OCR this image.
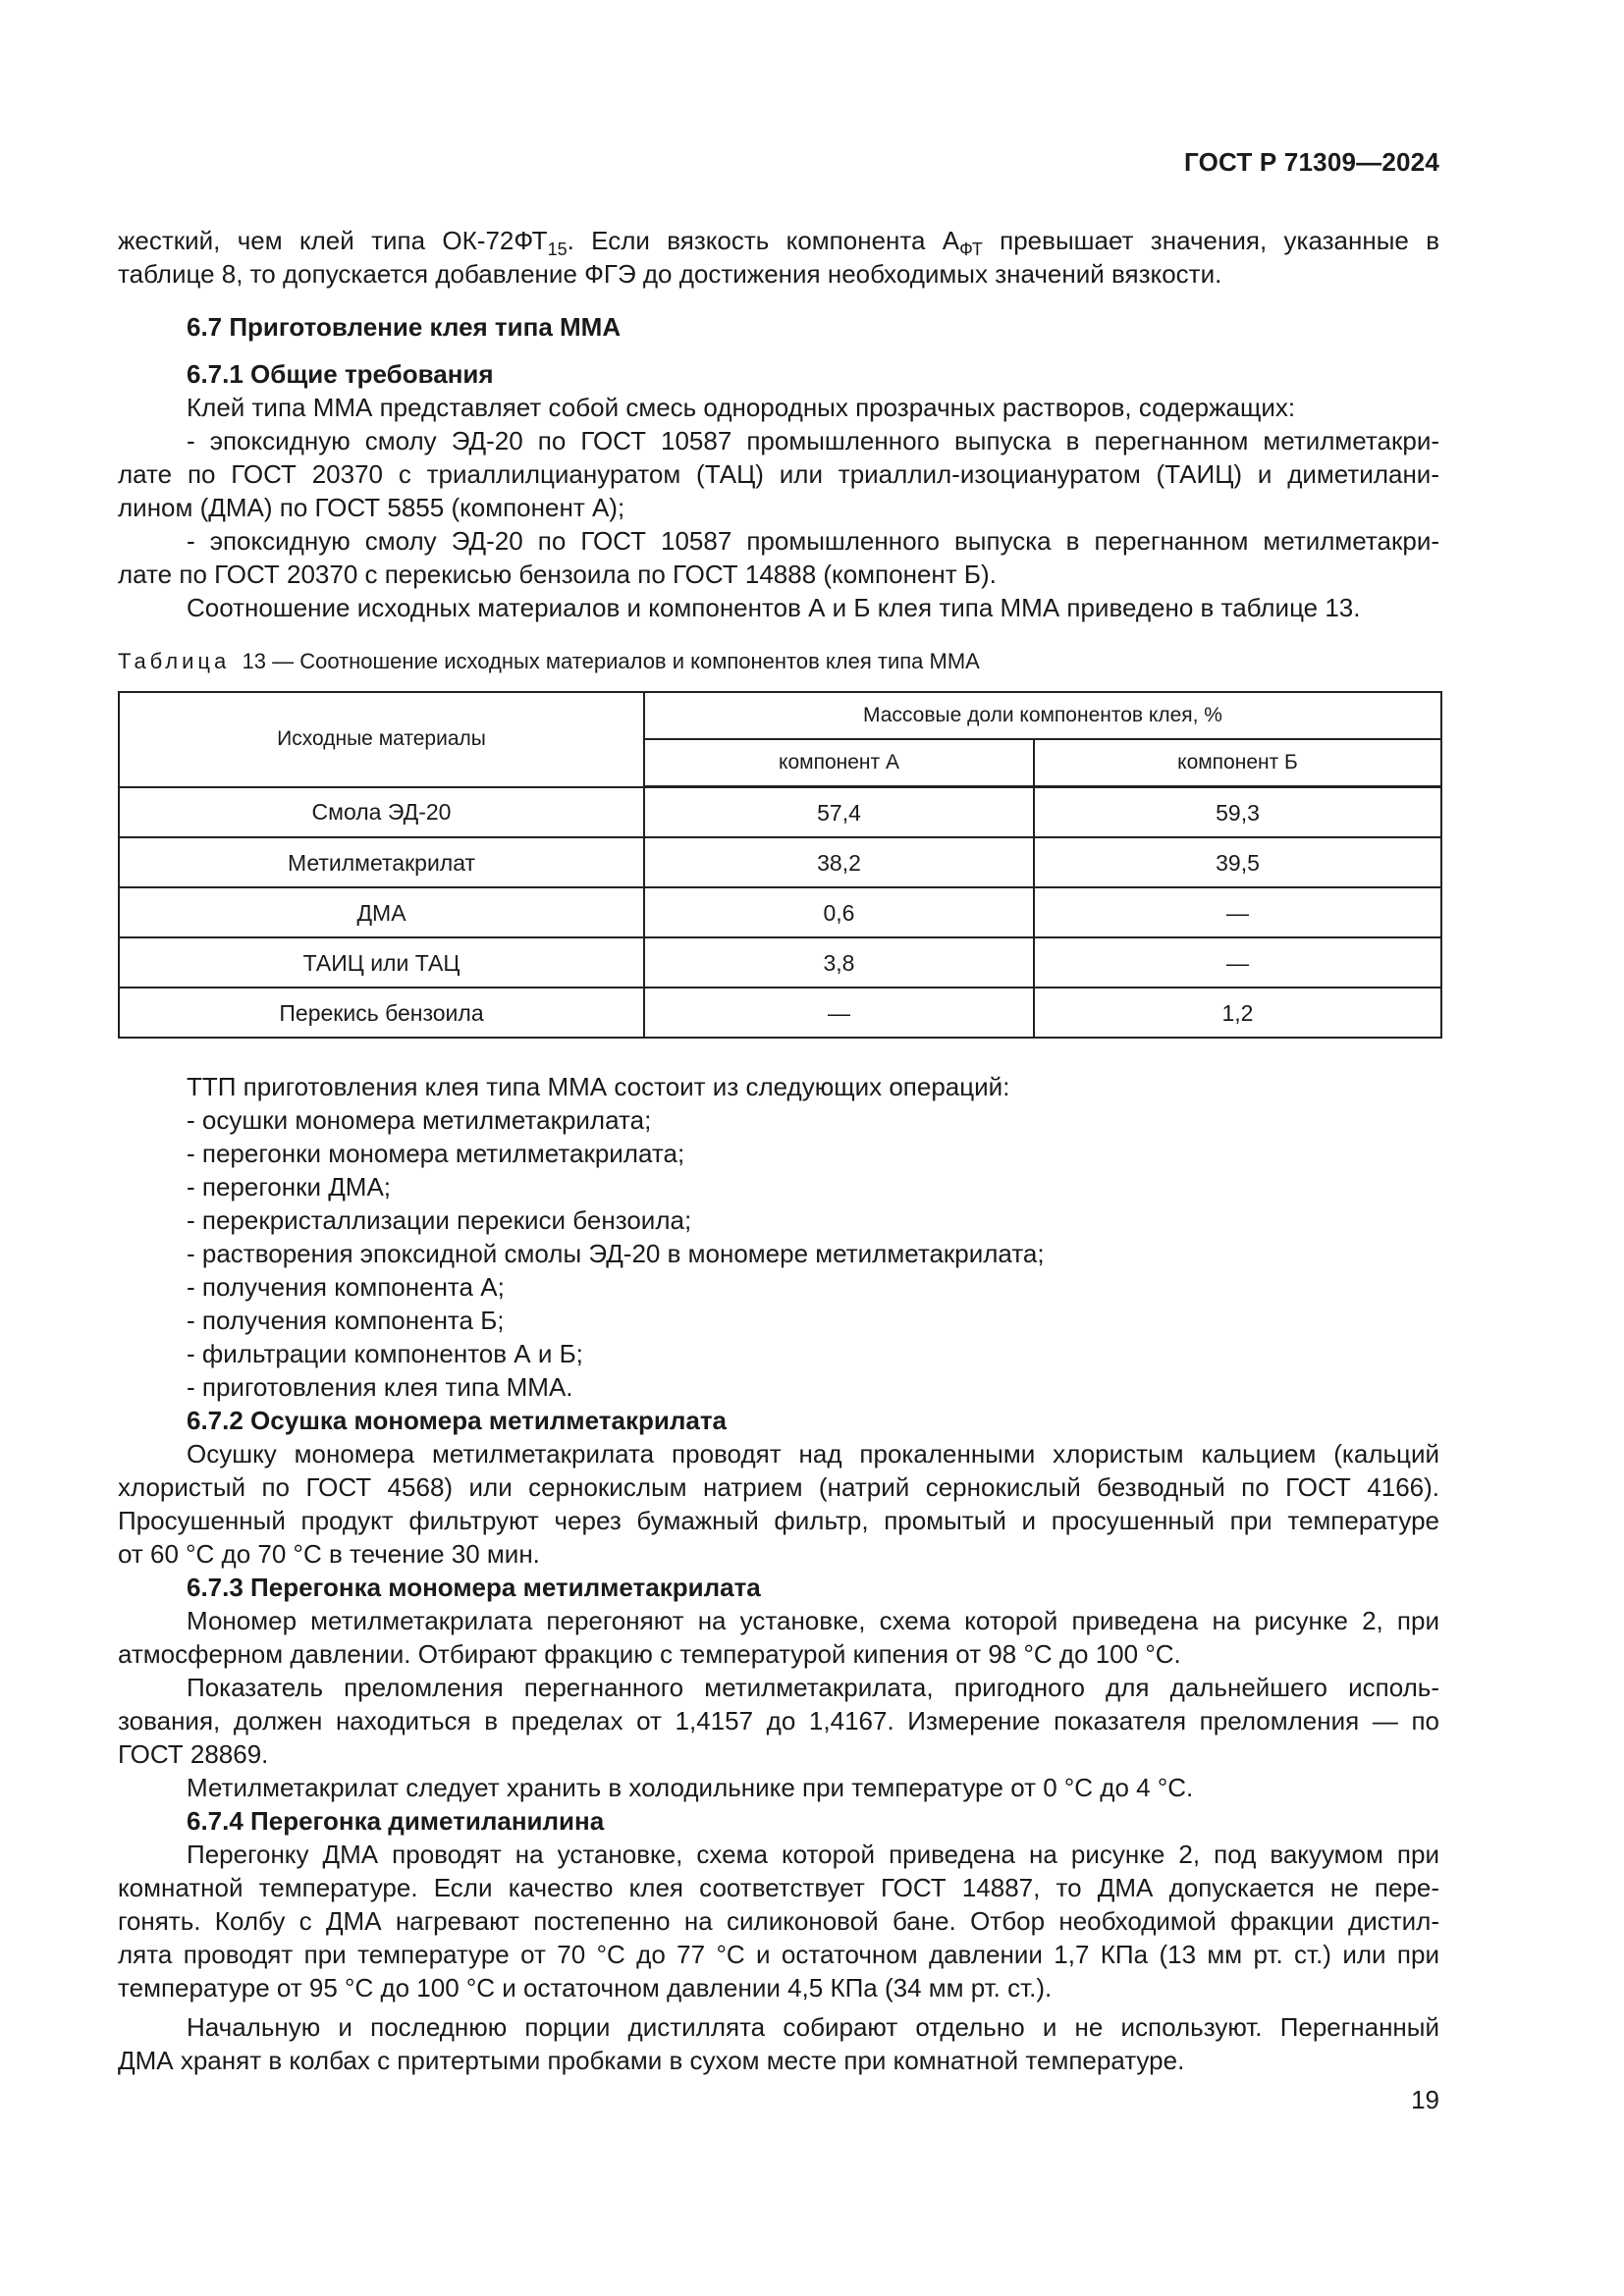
ГОСТ Р 71309—2024

жесткий, чем клей типа $ОК-72ФТ_{15}$. Если вязкость компонента $А_{ФТ}$ превышает значения, указанные в

таблице 8, то допускается добавление ФГЭ до достижения необходимых значений вязкости.

6.7 Приготовление клея типа ММА

6.7.1 Общие требования

Клей типа ММА представляет собой смесь однородных прозрачных растворов, содержащих:

- эпоксидную смолу ЭД-20 по ГОСТ 10587 промышленного выпуска в перегнанном метилметакри-

лате по ГОСТ 20370 с триаллилциануратом (ТАЦ) или триаллил-изоциануратом (ТАИЦ) и диметилани-

лином (ДМА) по ГОСТ 5855 (компонент А);

- эпоксидную смолу ЭД-20 по ГОСТ 10587 промышленного выпуска в перегнанном метилметакри-

лате по ГОСТ 20370 с перекисью бензоила по ГОСТ 14888 (компонент Б).

Соотношение исходных материалов и компонентов А и Б клея типа ММА приведено в таблице 13.

Таблица 13 — Соотношение исходных материалов и компонентов клея типа ММА
Исходные материалы	Массовые доли компонентов клея, %	
	компонент А	компонент Б
Смола ЭД-20	57,4	59,3
Метилметакрилат	38,2	39,5
ДМА	0,6	—
ТАИЦ или ТАЦ	3,8	—
Перекись бензоила	—	1,2

ТТП приготовления клея типа ММА состоит из следующих операций:

- осушки мономера метилметакрилата;

- перегонки мономера метилметакрилата;

- перегонки ДМА;

- перекристаллизации перекиси бензоила;

- растворения эпоксидной смолы ЭД-20 в мономере метилметакрилата;

- получения компонента А;

- получения компонента Б;

- фильтрации компонентов А и Б;

- приготовления клея типа ММА.

6.7.2 Осушка мономера метилметакрилата

Осушку мономера метилметакрилата проводят над прокаленными хлористым кальцием (кальций

хлористый по ГОСТ 4568) или сернокислым натрием (натрий сернокислый безводный по ГОСТ 4166).

Просушенный продукт фильтруют через бумажный фильтр, промытый и просушенный при температуре

от 60 °С до 70 °С в течение 30 мин.

6.7.3 Перегонка мономера метилметакрилата

Мономер метилметакрилата перегоняют на установке, схема которой приведена на рисунке 2, при

атмосферном давлении. Отбирают фракцию с температурой кипения от 98 °С до 100 °С.

Показатель преломления перегнанного метилметакрилата, пригодного для дальнейшего исполь-

зования, должен находиться в пределах от 1,4157 до 1,4167. Измерение показателя преломления — по

ГОСТ 28869.

Метилметакрилат следует хранить в холодильнике при температуре от 0 °С до 4 °С.

6.7.4 Перегонка диметиланилина

Перегонку ДМА проводят на установке, схема которой приведена на рисунке 2, под вакуумом при

комнатной температуре. Если качество клея соответствует ГОСТ 14887, то ДМА допускается не пере-

гонять. Колбу с ДМА нагревают постепенно на силиконовой бане. Отбор необходимой фракции дистил-

лята проводят при температуре от 70 °С до 77 °С и остаточном давлении 1,7 КПа (13 мм рт. ст.) или при

температуре от 95 °С до 100 °С и остаточном давлении 4,5 КПа (34 мм рт. ст.).

Начальную и последнюю порции дистиллята собирают отдельно и не используют. Перегнанный

ДМА хранят в колбах с притертыми пробками в сухом месте при комнатной температуре.

19
